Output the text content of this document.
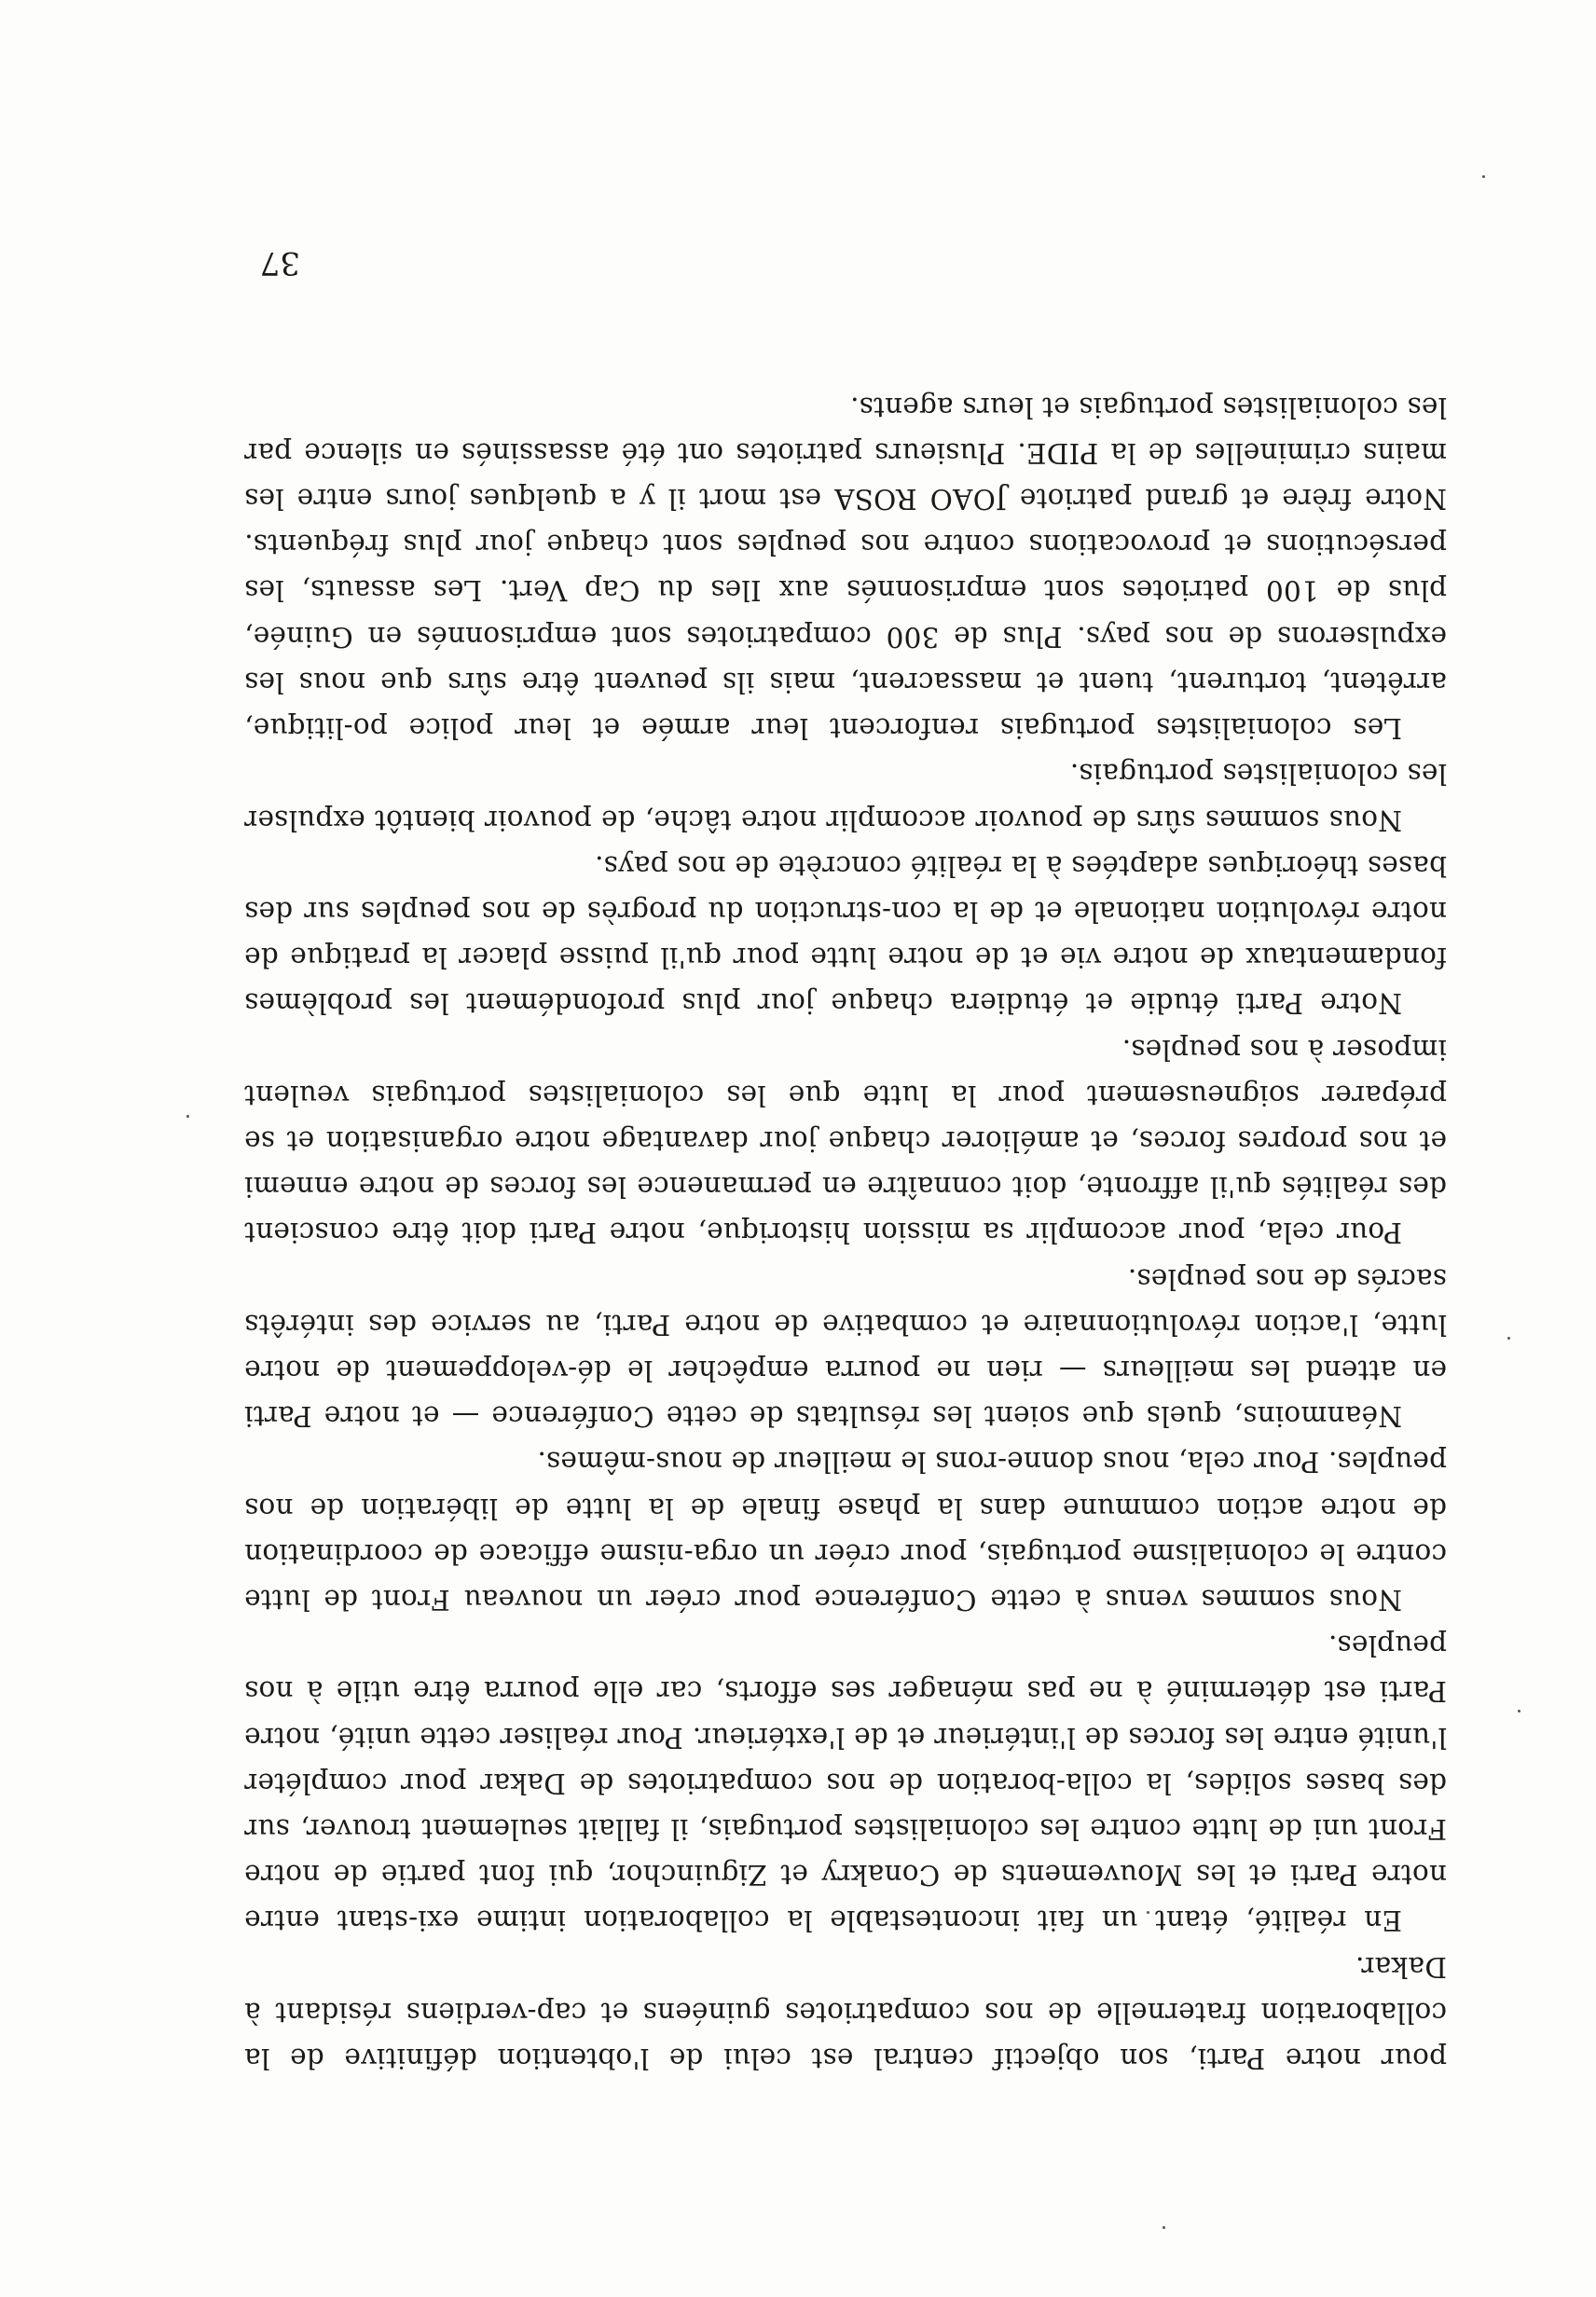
pour notre Parti, son objectif central est celui de l'obtention définitive de la collaboration fraternelle de nos compatriotes guinéens et cap-verdiens résidant à Dakar.

En réalité, étant un fait incontestable la collaboration intime exi-stant entre notre Parti et les Mouvements de Conakry et Ziguinchor, qui font partie de notre Front uni de lutte contre les colonialistes portugais, il fallait seulement trouver, sur des bases solides, la colla-boration de nos compatriotes de Dakar pour compléter l'unité entre les forces de l'intérieur et de l'extérieur. Pour réaliser cette unité, notre Parti est déterminé à ne pas ménager ses efforts, car elle pourra être utile à nos peuples.

Nous sommes venus à cette Conférence pour créer un nouveau Front de lutte contre le colonialisme portugais, pour créer un orga-nisme efficace de coordination de notre action commune dans la phase finale de la lutte de libération de nos peuples. Pour cela, nous donne-rons le meilleur de nous-mêmes.

Néanmoins, quels que soient les résultats de cette Conférence — et notre Parti en attend les meilleurs — rien ne pourra empêcher le dé-veloppement de notre lutte, l'action révolutionnaire et combative de notre Parti, au service des intérêts sacrés de nos peuples.

Pour cela, pour accomplir sa mission historique, notre Parti doit être conscient des réalités qu'il affronte, doit connaître en permanence les forces de notre ennemi et nos propres forces, et améliorer chaque jour davantage notre organisation et se préparer soigneusement pour la lutte que les colonialistes portugais veulent imposer à nos peuples.

Notre Parti étudie et étudiera chaque jour plus profondément les problèmes fondamentaux de notre vie et de notre lutte pour qu'il puisse placer la pratique de notre révolution nationale et de la con-struction du progrès de nos peuples sur des bases théoriques adaptées à la réalité concrète de nos pays.

Nous sommes sûrs de pouvoir accomplir notre tâche, de pouvoir bientôt expulser les colonialistes portugais.

Les colonialistes portugais renforcent leur armée et leur police po-litique, arrêtent, torturent, tuent et massacrent, mais ils peuvent être sûrs que nous les expulserons de nos pays. Plus de 300 compatriotes sont emprisonnés en Guinée, plus de 100 patriotes sont emprisonnés aux Iles du Cap Vert. Les assauts, les persécutions et provocations contre nos peuples sont chaque jour plus fréquents. Notre frère et grand patriote JOAO ROSA est mort il y a quelques jours entre les mains criminelles de la PIDE. Plusieurs patriotes ont été assassinés en silence par les colonialistes portugais et leurs agents.

37
